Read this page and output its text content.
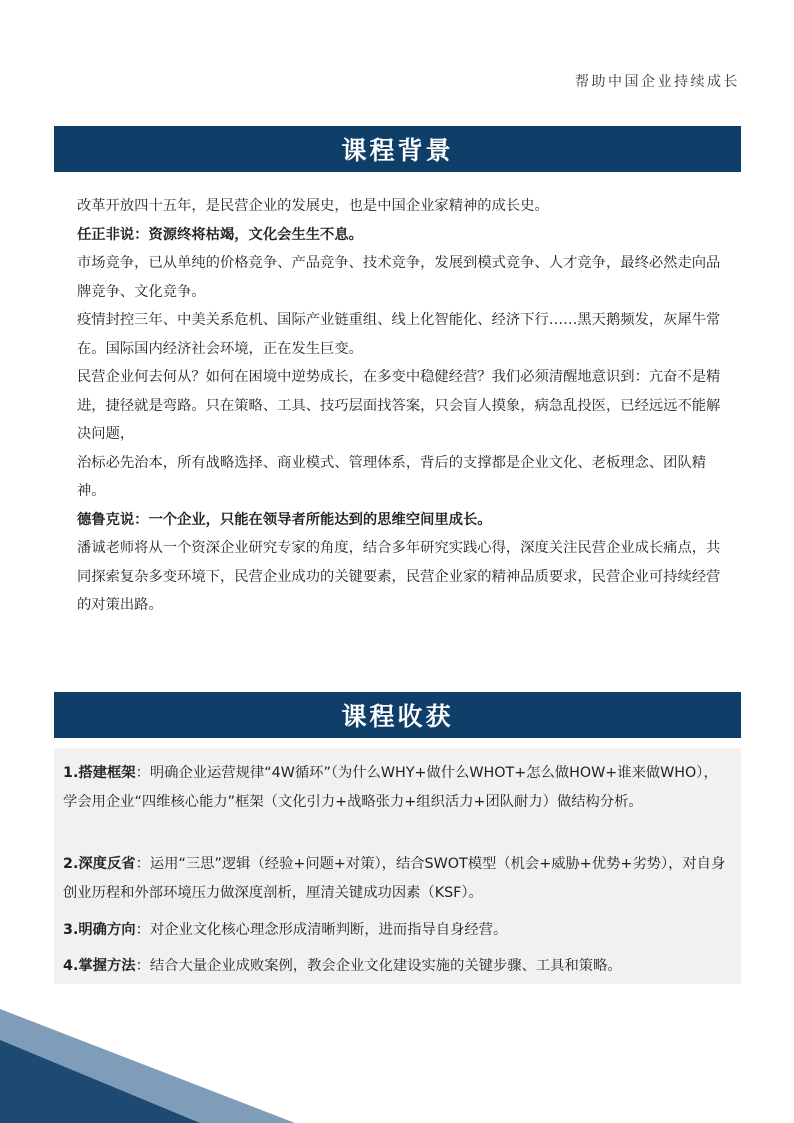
帮助中国企业持续成长
课程背景

改革开放四十五年，是民营企业的发展史，也是中国企业家精神的成长史。

任正非说：资源终将枯竭，文化会生生不息。

市场竞争，已从单纯的价格竞争、产品竞争、技术竞争，发展到模式竞争、人才竞争，最终必然走向品牌竞争、文化竞争。

疫情封控三年、中美关系危机、国际产业链重组、线上化智能化、经济下行……黑天鹅频发，灰犀牛常在。国际国内经济社会环境，正在发生巨变。

民营企业何去何从？如何在困境中逆势成长，在多变中稳健经营？我们必须清醒地意识到：亢奋不是精进，捷径就是弯路。只在策略、工具、技巧层面找答案，只会盲人摸象，病急乱投医，已经远远不能解决问题，

治标必先治本，所有战略选择、商业模式、管理体系，背后的支撑都是企业文化、老板理念、团队精神。

德鲁克说：一个企业，只能在领导者所能达到的思维空间里成长。

潘诚老师将从一个资深企业研究专家的角度，结合多年研究实践心得，深度关注民营企业成长痛点，共同探索复杂多变环境下，民营企业成功的关键要素，民营企业家的精神品质要求，民营企业可持续经营的对策出路。

课程收获
1.搭建框架：明确企业运营规律“4W循环”（为什么WHY+做什么WHOT+怎么做HOW+谁来做WHO），学会用企业“四维核心能力”框架（文化引力+战略张力+组织活力+团队耐力）做结构分析。
2.深度反省：运用“三思”逻辑（经验+问题+对策），结合SWOT模型（机会+威胁+优势+劣势），对自身创业历程和外部环境压力做深度剖析，厘清关键成功因素（KSF）。
3.明确方向：对企业文化核心理念形成清晰判断，进而指导自身经营。
4.掌握方法：结合大量企业成败案例，教会企业文化建设实施的关键步骤、工具和策略。
